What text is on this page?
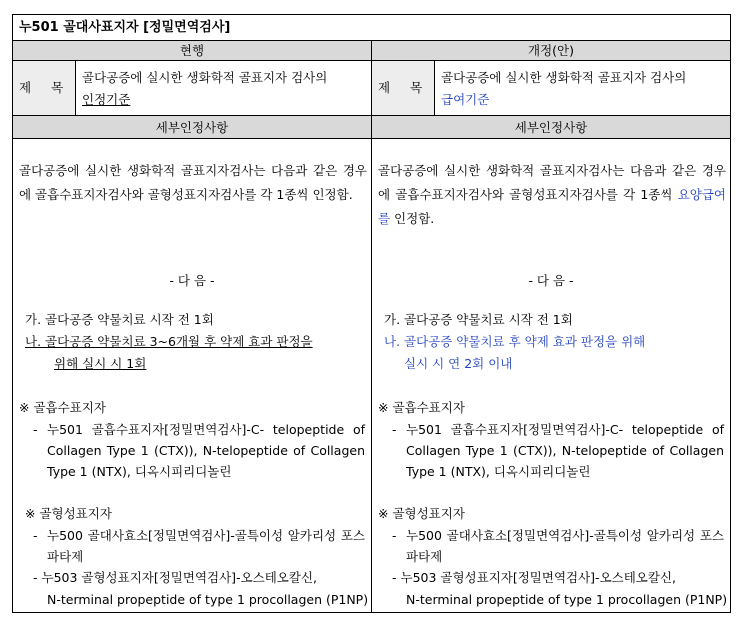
누501 골대사표지자 [정밀면역검사]
현행	개정(안)
제 목
골다공증에 실시한 생화학적 골표지자 검사의
인정기준
제 목
골다공증에 실시한 생화학적 골표지자 검사의
급여기준
세부인정사항	세부인정사항
골다공증에 실시한 생화학적 골표지자검사는 다음과 같은 경우에 골흡수표지자검사와 골형성표지자검사를 각 1종씩 인정함.
- 다 음 -
가. 골다공증 약물치료 시작 전 1회
나. 골다공증 약물치료 3~6개월 후 약제 효과 판정을
위해 실시 시 1회
※ 골흡수표지자
- 누501 골흡수표지자[정밀면역검사]-C- telopeptide of Collagen Type 1 (CTX)), N-telopeptide of Collagen Type 1 (NTX), 디옥시피리디놀린
※ 골형성표지자
- 누500 골대사효소[정밀면역검사]-골특이성 알카리성 포스파타제
- 누503 골형성표지자[정밀면역검사]-오스테오칼신,
N-terminal propeptide of type 1 procollagen (P1NP)
골다공증에 실시한 생화학적 골표지자검사는 다음과 같은 경우에 골흡수표지자검사와 골형성표지자검사를 각 1종씩 요양급여를 인정함.
- 다 음 -
가. 골다공증 약물치료 시작 전 1회
나. 골다공증 약물치료 후 약제 효과 판정을 위해
실시 시 연 2회 이내
※ 골흡수표지자
- 누501 골흡수표지자[정밀면역검사]-C- telopeptide of Collagen Type 1 (CTX)), N-telopeptide of Collagen Type 1 (NTX), 디옥시피리디놀린
※ 골형성표지자
- 누500 골대사효소[정밀면역검사]-골특이성 알카리성 포스파타제
- 누503 골형성표지자[정밀면역검사]-오스테오칼신,
N-terminal propeptide of type 1 procollagen (P1NP)
